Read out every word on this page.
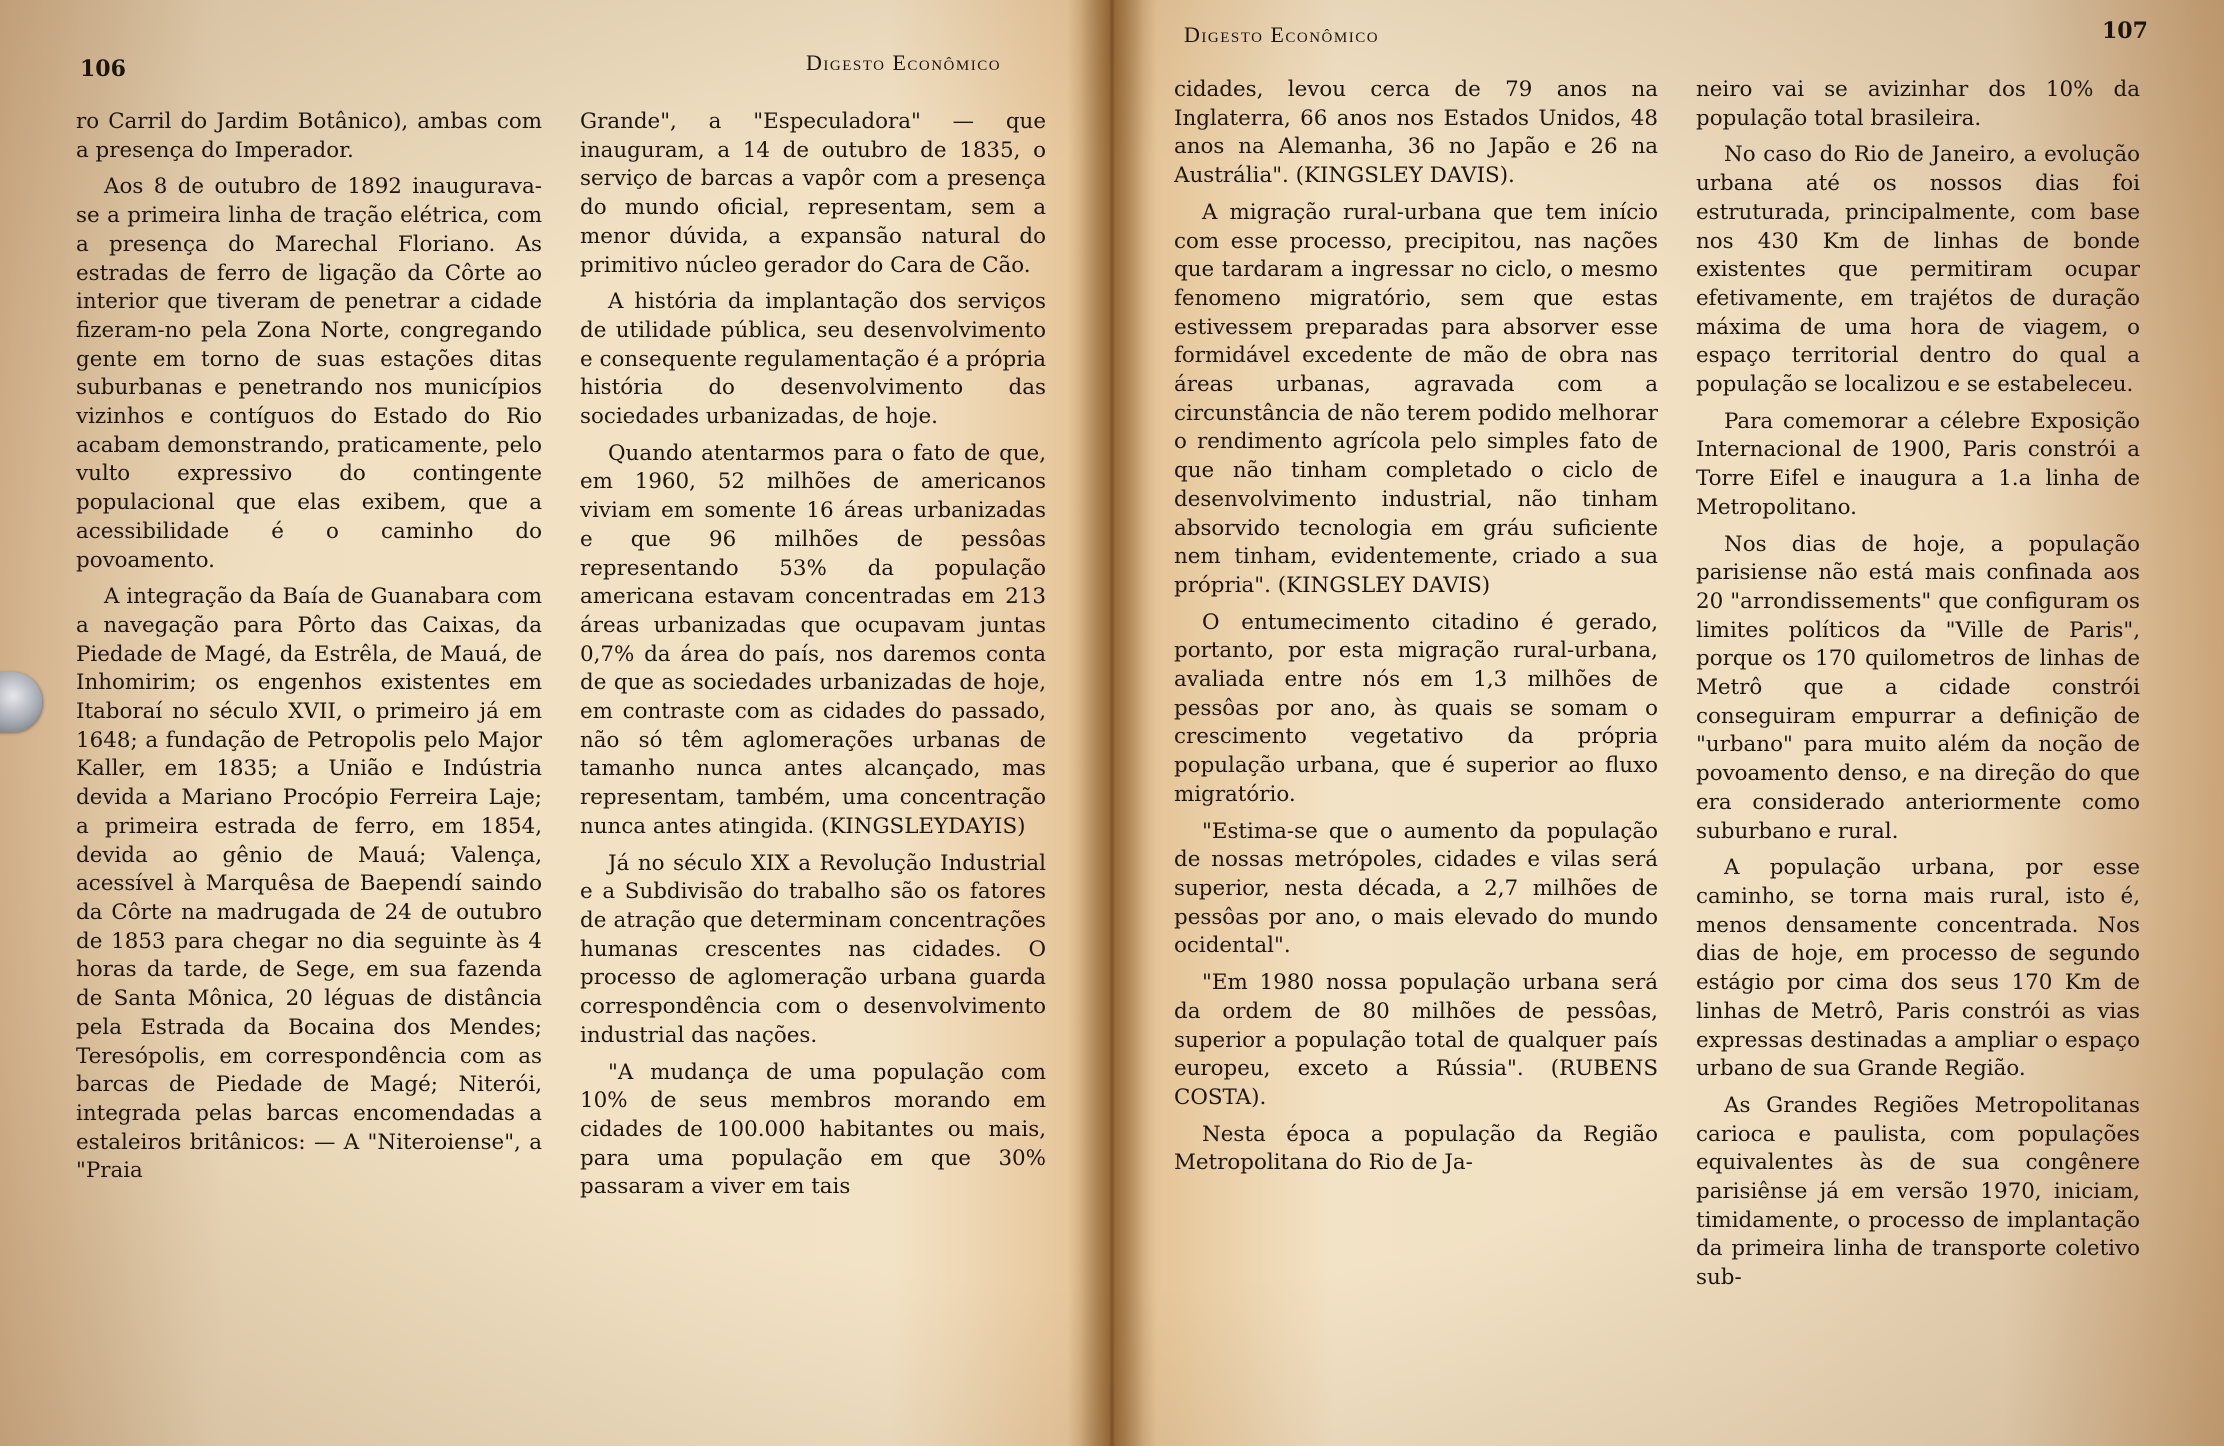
106	Digesto Econômico

ro Carril do Jardim Botânico), ambas com a presença do Imperador.

Aos 8 de outubro de 1892 inaugurava-se a primeira linha de tração elétrica, com a presença do Marechal Floriano. As estradas de ferro de ligação da Côrte ao interior que tiveram de penetrar a cidade fizeram-no pela Zona Norte, congregando gente em torno de suas estações ditas suburbanas e penetrando nos municípios vizinhos e contíguos do Estado do Rio acabam demonstrando, praticamente, pelo vulto expressivo do contingente populacional que elas exibem, que a acessibilidade é o caminho do povoamento.

A integração da Baía de Guanabara com a navegação para Pôrto das Caixas, da Piedade de Magé, da Estrêla, de Mauá, de Inhomirim; os engenhos existentes em Itaboraí no século XVII, o primeiro já em 1648; a fundação de Petropolis pelo Major Kaller, em 1835; a União e Indústria devida a Mariano Procópio Ferreira Laje; a primeira estrada de ferro, em 1854, devida ao gênio de Mauá; Valença, acessível à Marquêsa de Baependí saindo da Côrte na madrugada de 24 de outubro de 1853 para chegar no dia seguinte às 4 horas da tarde, de Sege, em sua fazenda de Santa Mônica, 20 léguas de distância pela Estrada da Bocaina dos Mendes; Teresópolis, em correspondência com as barcas de Piedade de Magé; Niterói, integrada pelas barcas encomendadas a estaleiros britânicos: — A "Niteroiense", a "Praia

Grande", a "Especuladora" — que inauguram, a 14 de outubro de 1835, o serviço de barcas a vapôr com a presença do mundo oficial, representam, sem a menor dúvida, a expansão natural do primitivo núcleo gerador do Cara de Cão.

A história da implantação dos serviços de utilidade pública, seu desenvolvimento e consequente regulamentação é a própria história do desenvolvimento das sociedades urbanizadas, de hoje.

Quando atentarmos para o fato de que, em 1960, 52 milhões de americanos viviam em somente 16 áreas urbanizadas e que 96 milhões de pessôas representando 53% da população americana estavam concentradas em 213 áreas urbanizadas que ocupavam juntas 0,7% da área do país, nos daremos conta de que as sociedades urbanizadas de hoje, em contraste com as cidades do passado, não só têm aglomerações urbanas de tamanho nunca antes alcançado, mas representam, também, uma concentração nunca antes atingida. (KINGSLEYDAYIS)

Já no século XIX a Revolução Industrial e a Subdivisão do trabalho são os fatores de atração que determinam concentrações humanas crescentes nas cidades. O processo de aglomeração urbana guarda correspondência com o desenvolvimento industrial das nações.

"A mudança de uma população com 10% de seus membros morando em cidades de 100.000 habitantes ou mais, para uma população em que 30% passaram a viver em tais

Digesto Econômico	107

cidades, levou cerca de 79 anos na Inglaterra, 66 anos nos Estados Unidos, 48 anos na Alemanha, 36 no Japão e 26 na Austrália". (KINGSLEY DAVIS).

A migração rural-urbana que tem início com esse processo, precipitou, nas nações que tardaram a ingressar no ciclo, o mesmo fenomeno migratório, sem que estas estivessem preparadas para absorver esse formidável excedente de mão de obra nas áreas urbanas, agravada com a circunstância de não terem podido melhorar o rendimento agrícola pelo simples fato de que não tinham completado o ciclo de desenvolvimento industrial, não tinham absorvido tecnologia em gráu suficiente nem tinham, evidentemente, criado a sua própria". (KINGSLEY DAVIS)

O entumecimento citadino é gerado, portanto, por esta migração rural-urbana, avaliada entre nós em 1,3 milhões de pessôas por ano, às quais se somam o crescimento vegetativo da própria população urbana, que é superior ao fluxo migratório.

"Estima-se que o aumento da população de nossas metrópoles, cidades e vilas será superior, nesta década, a 2,7 milhões de pessôas por ano, o mais elevado do mundo ocidental".

"Em 1980 nossa população urbana será da ordem de 80 milhões de pessôas, superior a população total de qualquer país europeu, exceto a Rússia". (RUBENS COSTA).

Nesta época a população da Região Metropolitana do Rio de Ja-

neiro vai se avizinhar dos 10% da população total brasileira.

No caso do Rio de Janeiro, a evolução urbana até os nossos dias foi estruturada, principalmente, com base nos 430 Km de linhas de bonde existentes que permitiram ocupar efetivamente, em trajétos de duração máxima de uma hora de viagem, o espaço territorial dentro do qual a população se localizou e se estabeleceu.

Para comemorar a célebre Exposição Internacional de 1900, Paris constrói a Torre Eifel e inaugura a 1.a linha de Metropolitano.

Nos dias de hoje, a população parisiense não está mais confinada aos 20 "arrondissements" que configuram os limites políticos da "Ville de Paris", porque os 170 quilometros de linhas de Metrô que a cidade constrói conseguiram empurrar a definição de "urbano" para muito além da noção de povoamento denso, e na direção do que era considerado anteriormente como suburbano e rural.

A população urbana, por esse caminho, se torna mais rural, isto é, menos densamente concentrada. Nos dias de hoje, em processo de segundo estágio por cima dos seus 170 Km de linhas de Metrô, Paris constrói as vias expressas destinadas a ampliar o espaço urbano de sua Grande Região.

As Grandes Regiões Metropolitanas carioca e paulista, com populações equivalentes às de sua congênere parisiênse já em versão 1970, iniciam, timidamente, o processo de implantação da primeira linha de transporte coletivo sub-
